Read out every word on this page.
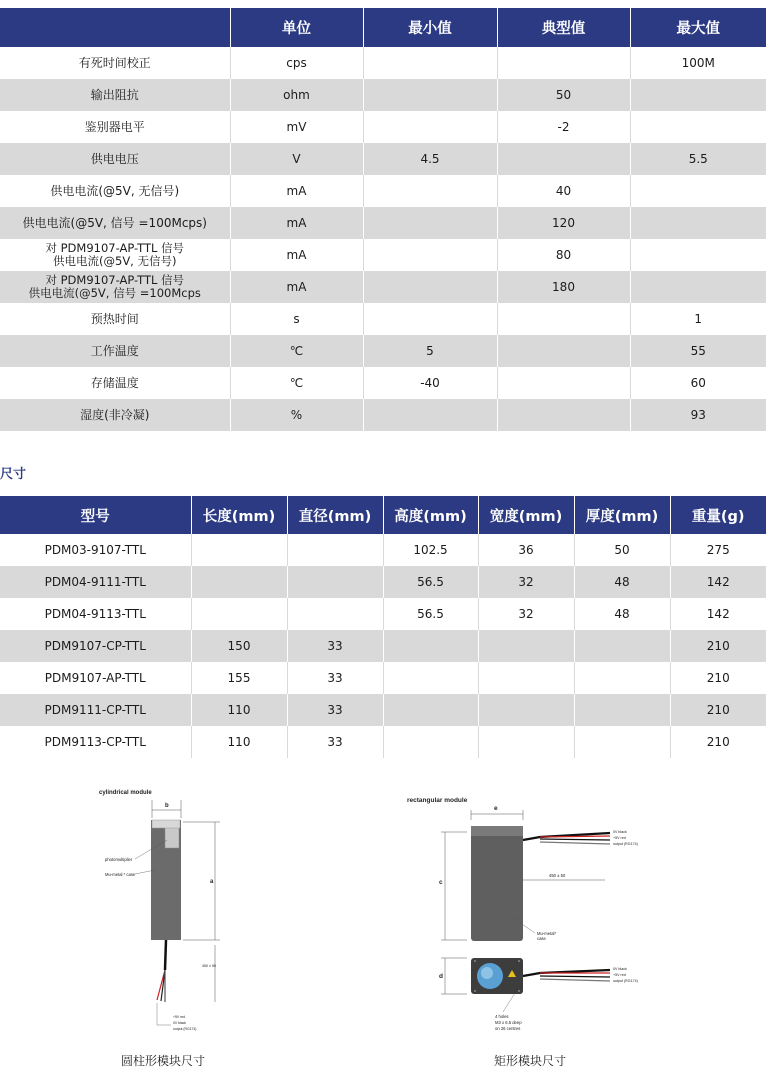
	单位	最小值	典型值	最大值
有死时间校正	cps			100M
输出阻抗	ohm		50	
鉴别器电平	mV		-2	
供电电压	V	4.5		5.5
供电电流(@5V, 无信号)	mA		40	
供电电流(@5V, 信号 =100Mcps)	mA		120	
对 PDM9107-AP-TTL 信号
供电电流(@5V, 无信号)	mA		80	
对 PDM9107-AP-TTL 信号
供电电流(@5V, 信号 =100Mcps	mA		180	
预热时间	s			1
工作温度	℃	5		55
存储温度	℃	-40		60
湿度(非冷凝)	%			93
尺寸
型号	长度(mm)	直径(mm)	高度(mm)	宽度(mm)	厚度(mm)	重量(g)
PDM03-9107-TTL			102.5	36	50	275
PDM04-9111-TTL			56.5	32	48	142
PDM04-9113-TTL			56.5	32	48	142
PDM9107-CP-TTL	150	33				210
PDM9107-AP-TTL	155	33				210
PDM9111-CP-TTL	110	33				210
PDM9113-CP-TTL	110	33				210
cylindrical module
b
a
photomultiplier
Mu-metal * case
450 ± 50
+5V red
0V black
output (RG174)
圆柱形模块尺寸
rectangular module
e
c
0V black
+5V red
output (RG174)
450 ± 50
Mu-metal*
case
d
0V black
+5V red
output (RG174)
4 holes
M3 x 6.5 deep
on 26 centres
矩形模块尺寸
